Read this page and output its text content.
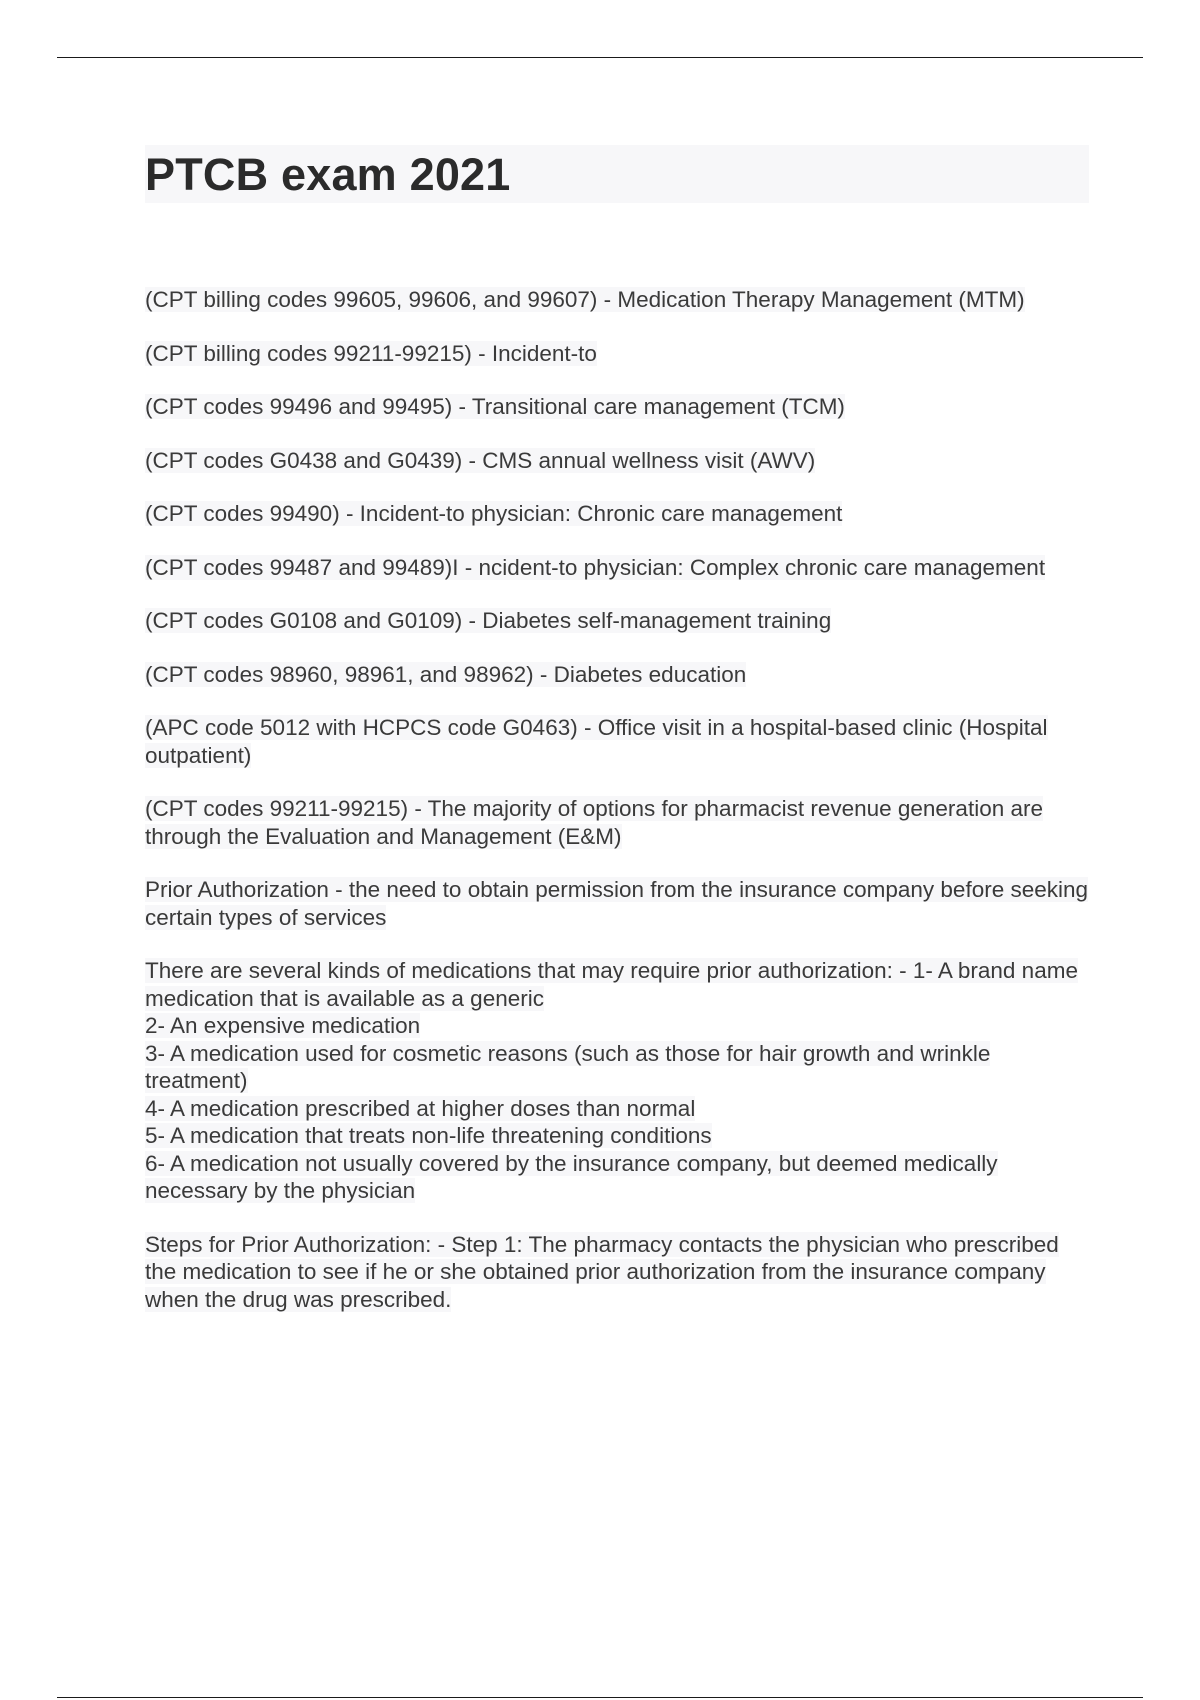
PTCB exam 2021

(CPT billing codes 99605, 99606, and 99607) - Medication Therapy Management (MTM)

(CPT billing codes 99211-99215) - Incident-to

(CPT codes 99496 and 99495) - Transitional care management (TCM)

(CPT codes G0438 and G0439) - CMS annual wellness visit (AWV)

(CPT codes 99490) - Incident-to physician: Chronic care management

(CPT codes 99487 and 99489)I - ncident-to physician: Complex chronic care management

(CPT codes G0108 and G0109) - Diabetes self-management training

(CPT codes 98960, 98961, and 98962) - Diabetes education

(APC code 5012 with HCPCS code G0463) - Office visit in a hospital-based clinic (Hospital outpatient)

(CPT codes 99211-99215) - The majority of options for pharmacist revenue generation are through the Evaluation and Management (E&M)

Prior Authorization - the need to obtain permission from the insurance company before seeking certain types of services

There are several kinds of medications that may require prior authorization: - 1- A brand name medication that is available as a generic
2- An expensive medication
3- A medication used for cosmetic reasons (such as those for hair growth and wrinkle treatment)
4- A medication prescribed at higher doses than normal
5- A medication that treats non-life threatening conditions
6- A medication not usually covered by the insurance company, but deemed medically necessary by the physician

Steps for Prior Authorization: - Step 1: The pharmacy contacts the physician who prescribed the medication to see if he or she obtained prior authorization from the insurance company when the drug was prescribed.
